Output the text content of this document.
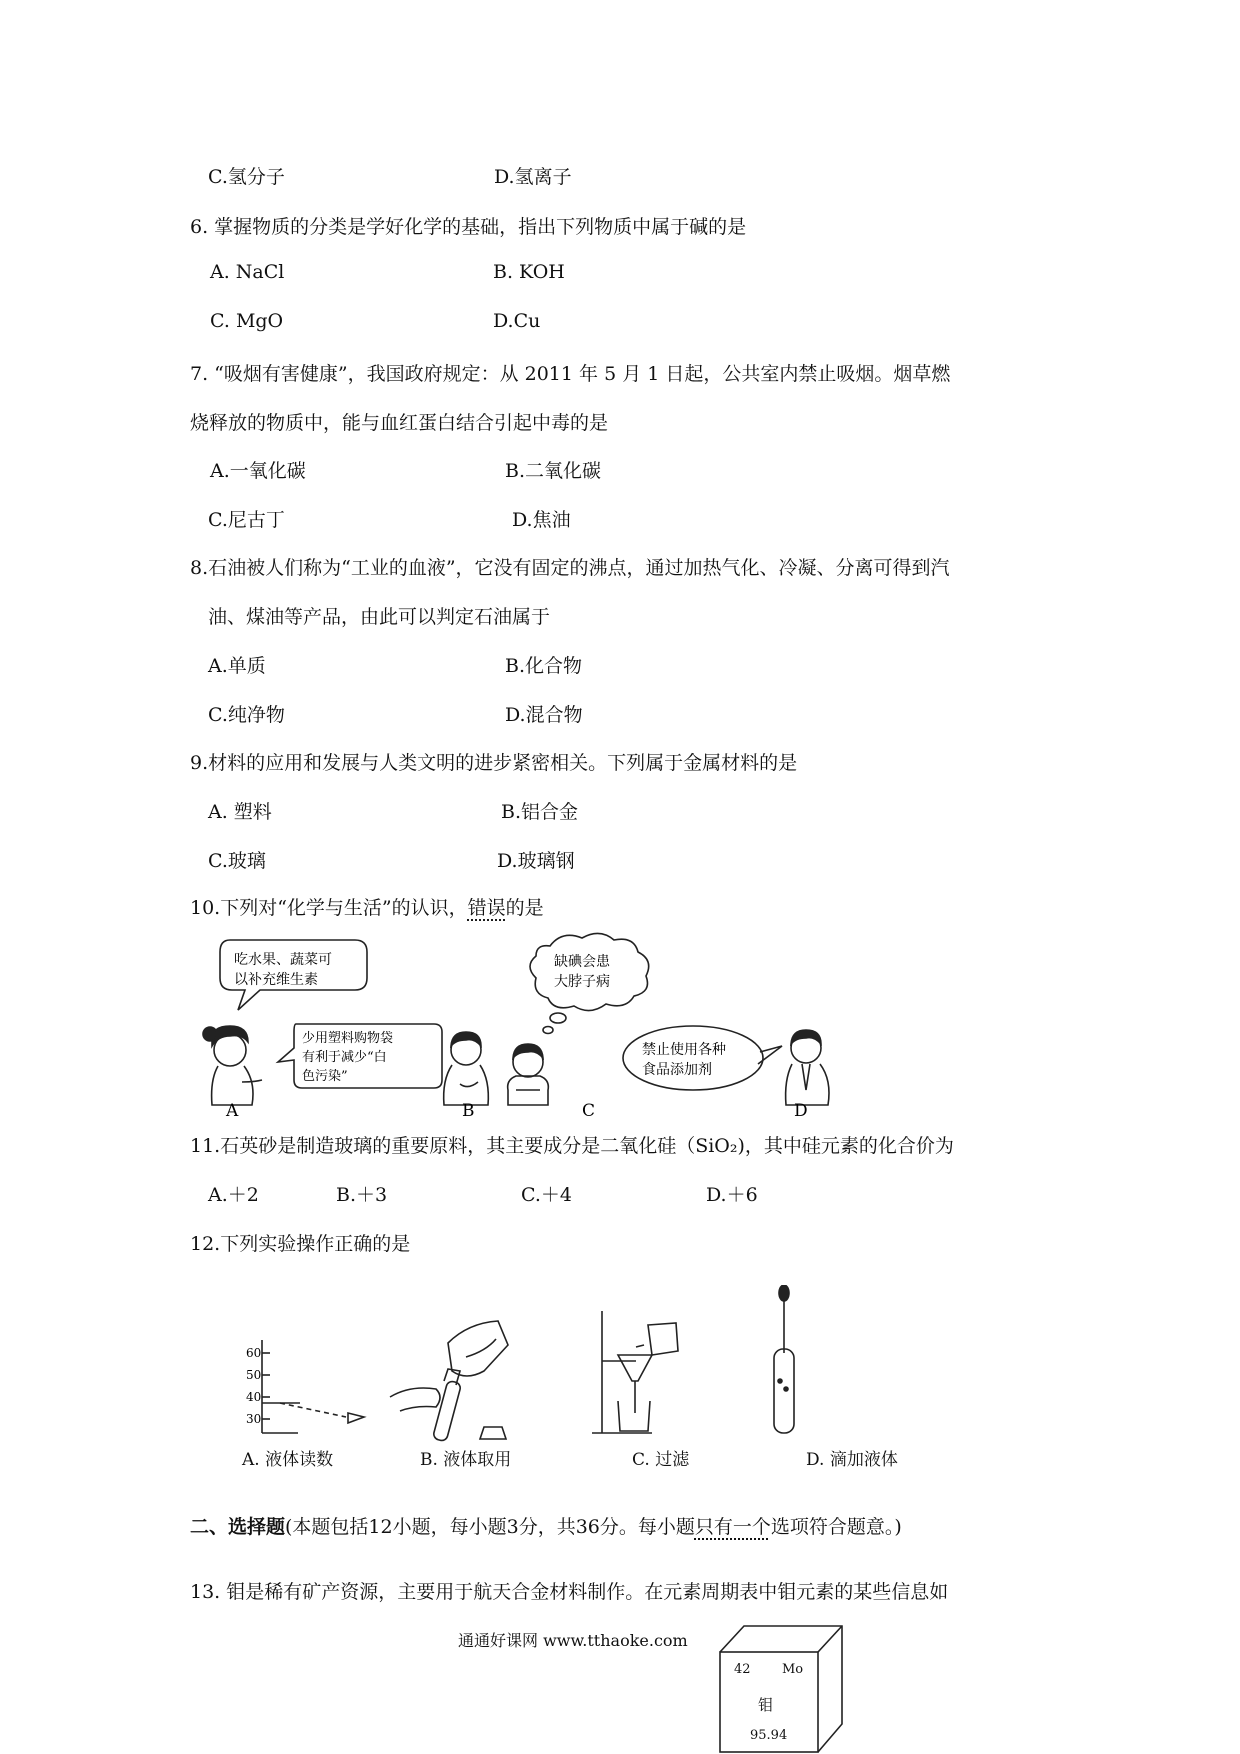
C.氢分子	D.氢离子
6. 掌握物质的分类是学好化学的基础，指出下列物质中属于碱的是
A. NaCl	B. KOH
C. MgO	D.Cu
7. “吸烟有害健康”，我国政府规定：从 2011 年 5 月 1 日起，公共室内禁止吸烟。烟草燃
烧释放的物质中，能与血红蛋白结合引起中毒的是
A.一氧化碳	B.二氧化碳
C.尼古丁	D.焦油
8.石油被人们称为“工业的血液”，它没有固定的沸点，通过加热气化、冷凝、分离可得到汽
油、煤油等产品，由此可以判定石油属于
A.单质	B.化合物
C.纯净物	D.混合物
9.材料的应用和发展与人类文明的进步紧密相关。下列属于金属材料的是
A. 塑料	B.铝合金
C.玻璃	D.玻璃钢
10.下列对“化学与生活”的认识，错误的是
吃水果、蔬菜可
以补充维生素
少用塑料购物袋
有利于减少“白
色污染”
缺碘会患
大脖子病
禁止使用各种
食品添加剂
A	B	C	D
11.石英砂是制造玻璃的重要原料，其主要成分是二氧化硅（SiO₂)，其中硅元素的化合价为
A.＋2	B.＋3	C.＋4	D.＋6
12.下列实验操作正确的是
60
50
40
30
A. 液体读数	B. 液体取用	C. 过滤	D. 滴加液体
二、选择题(本题包括12小题，每小题3分，共36分。每小题只有一个选项符合题意。)
13. 钼是稀有矿产资源，主要用于航天合金材料制作。在元素周期表中钼元素的某些信息如
通通好课网 www.tthaoke.com
42 Mo
钼
95.94
